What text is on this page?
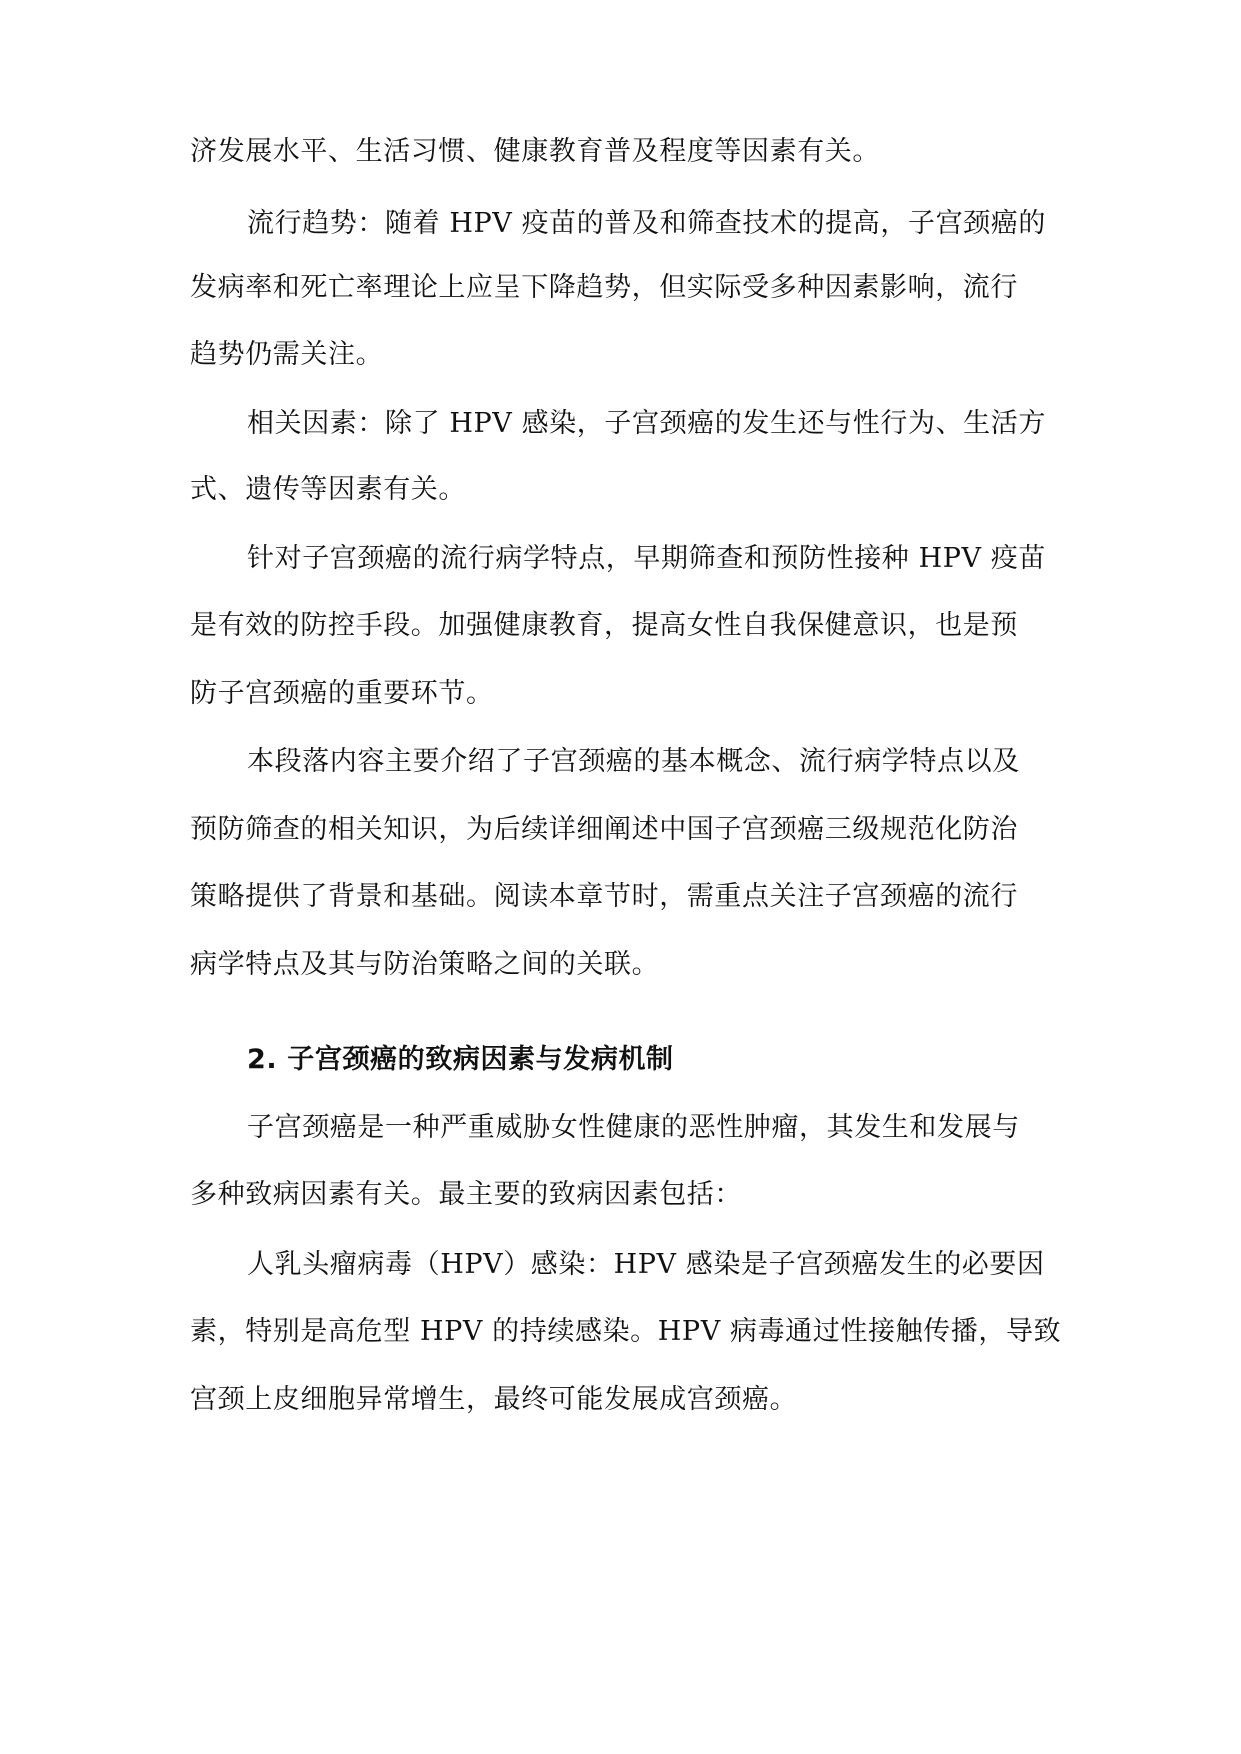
济发展水平、生活习惯、健康教育普及程度等因素有关。
流行趋势：随着 HPV 疫苗的普及和筛查技术的提高，子宫颈癌的
发病率和死亡率理论上应呈下降趋势，但实际受多种因素影响，流行
趋势仍需关注。
相关因素：除了 HPV 感染，子宫颈癌的发生还与性行为、生活方
式、遗传等因素有关。
针对子宫颈癌的流行病学特点，早期筛查和预防性接种 HPV 疫苗
是有效的防控手段。加强健康教育，提高女性自我保健意识，也是预
防子宫颈癌的重要环节。
本段落内容主要介绍了子宫颈癌的基本概念、流行病学特点以及
预防筛查的相关知识，为后续详细阐述中国子宫颈癌三级规范化防治
策略提供了背景和基础。阅读本章节时，需重点关注子宫颈癌的流行
病学特点及其与防治策略之间的关联。
2. 子宫颈癌的致病因素与发病机制
子宫颈癌是一种严重威胁女性健康的恶性肿瘤，其发生和发展与
多种致病因素有关。最主要的致病因素包括：
人乳头瘤病毒（HPV）感染：HPV 感染是子宫颈癌发生的必要因
素，特别是高危型 HPV 的持续感染。HPV 病毒通过性接触传播，导致
宫颈上皮细胞异常增生，最终可能发展成宫颈癌。
